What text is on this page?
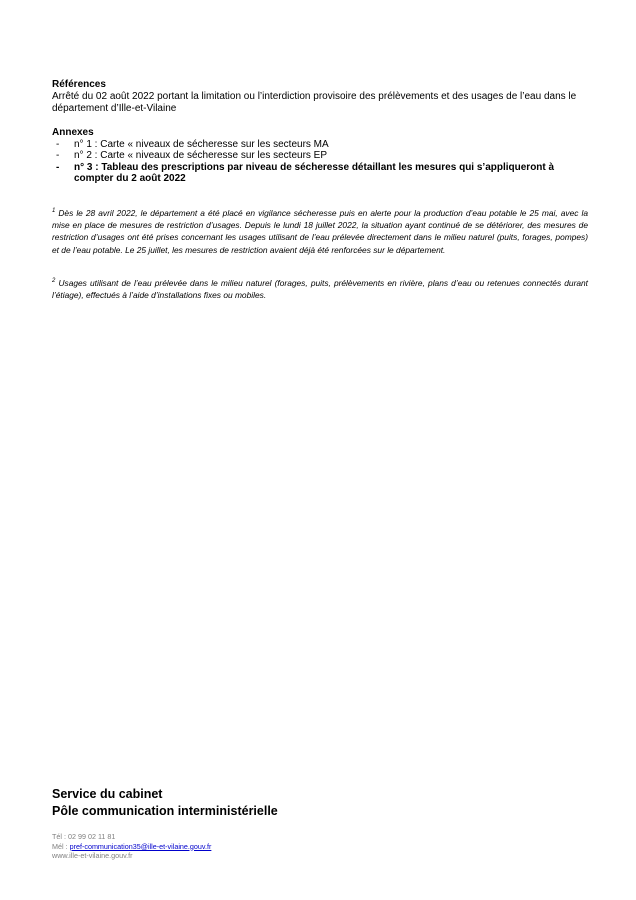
Références
Arrêté du 02 août 2022 portant la limitation ou l’interdiction provisoire des prélèvements et des usages de l’eau dans le département d’Ille-et-Vilaine
Annexes
- n° 1 : Carte « niveaux de sécheresse sur les secteurs MA
- n° 2 : Carte « niveaux de sécheresse sur les secteurs EP
- n° 3 : Tableau des prescriptions par niveau de sécheresse détaillant les mesures qui s’appliqueront à compter du 2 août 2022
$^1$ Dès le 28 avril 2022, le département a été placé en vigilance sécheresse puis en alerte pour la production d’eau potable le 25 mai, avec la mise en place de mesures de restriction d’usages. Depuis le lundi 18 juillet 2022, la situation ayant continué de se détériorer, des mesures de restriction d’usages ont été prises concernant les usages utilisant de l’eau prélevée directement dans le milieu naturel (puits, forages, pompes) et de l’eau potable. Le 25 juillet, les mesures de restriction avaient déjà été renforcées sur le département.
$^2$ Usages utilisant de l’eau prélevée dans le milieu naturel (forages, puits, prélèvements en rivière, plans d’eau ou retenues connectés durant l’étiage), effectués à l’aide d’installations fixes ou mobiles.
Service du cabinet
Pôle communication interministérielle
Tél : 02 99 02 11 81
Mél : pref-communication35@ille-et-vilaine.gouv.fr
www.ille-et-vilaine.gouv.fr
